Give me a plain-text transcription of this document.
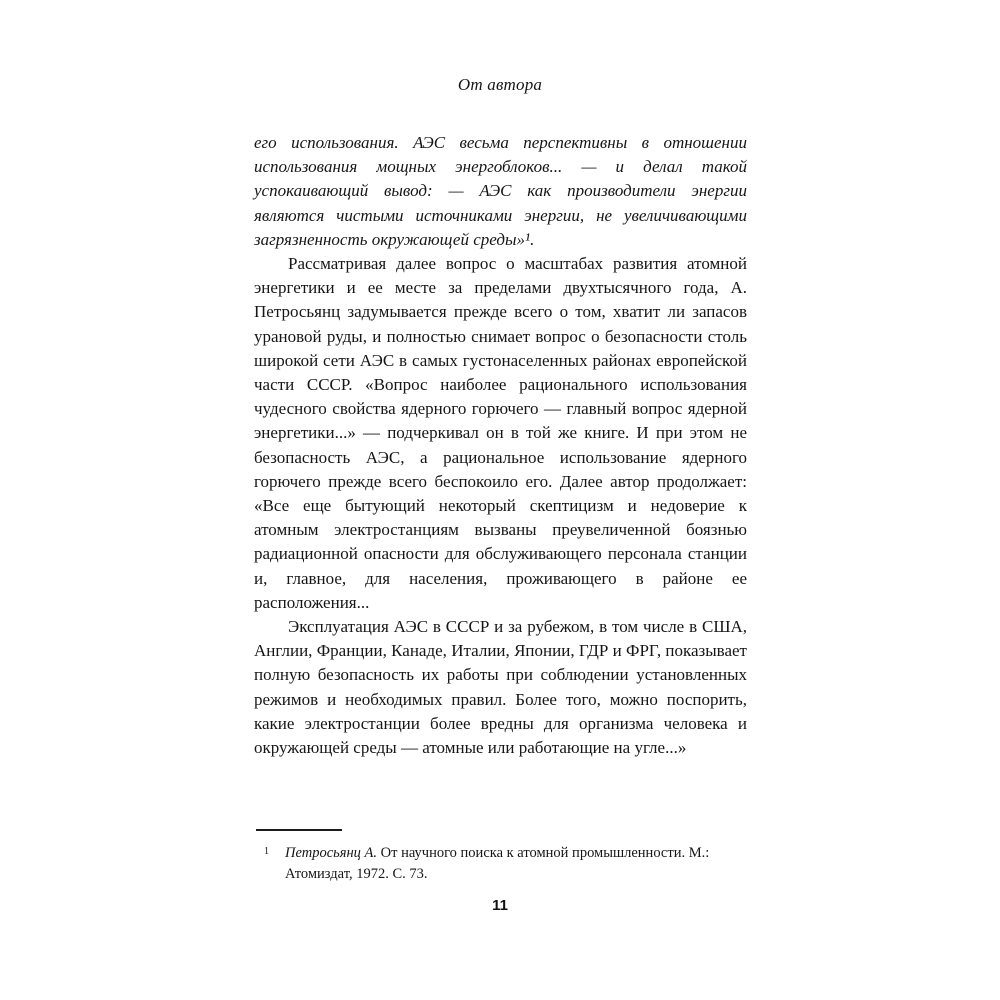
От автора

его использования. АЭС весьма перспективны в отношении использования мощных энергоблоков... — и делал такой успокаивающий вывод: — АЭС как производители энергии являются чистыми источниками энергии, не увеличивающими загрязненность окружающей среды»¹.

Рассматривая далее вопрос о масштабах развития атомной энергетики и ее месте за пределами двухтысячного года, А. Петросьянц задумывается прежде всего о том, хватит ли запасов урановой руды, и полностью снимает вопрос о безопасности столь широкой сети АЭС в самых густонаселенных районах европейской части СССР. «Вопрос наиболее рационального использования чудесного свойства ядерного горючего — главный вопрос ядерной энергетики...» — подчеркивал он в той же книге. И при этом не безопасность АЭС, а рациональное использование ядерного горючего прежде всего беспокоило его. Далее автор продолжает: «Все еще бытующий некоторый скептицизм и недоверие к атомным электростанциям вызваны преувеличенной боязнью радиационной опасности для обслуживающего персонала станции и, главное, для населения, проживающего в районе ее расположения...

Эксплуатация АЭС в СССР и за рубежом, в том числе в США, Англии, Франции, Канаде, Италии, Японии, ГДР и ФРГ, показывает полную безопасность их работы при соблюдении установленных режимов и необходимых правил. Более того, можно поспорить, какие электростанции более вредны для организма человека и окружающей среды — атомные или работающие на угле...»

1 Петросьянц А. От научного поиска к атомной промышленности. М.: Атомиздат, 1972. С. 73.
11
